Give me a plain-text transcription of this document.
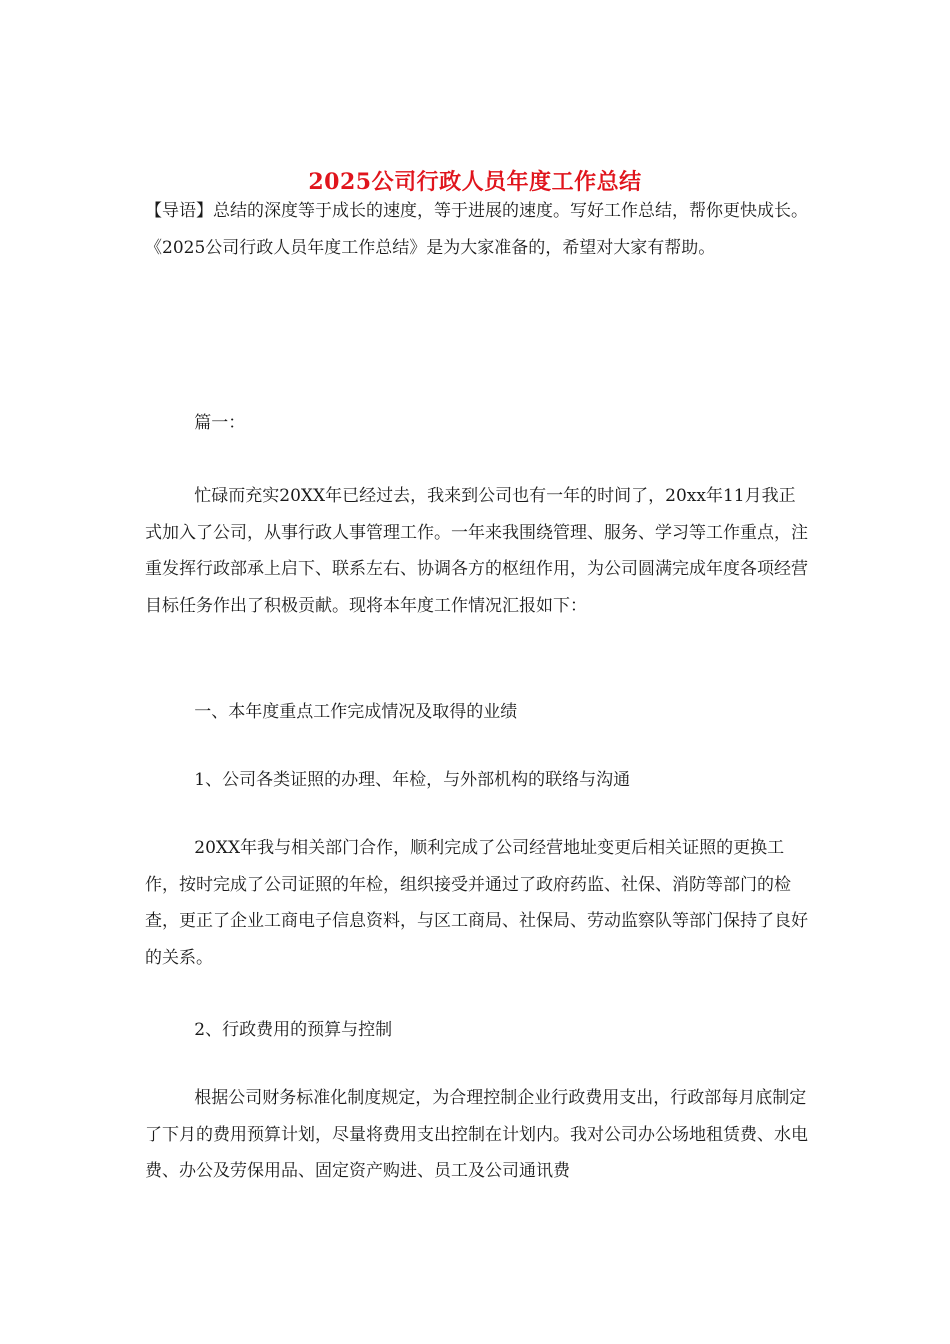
2025公司行政人员年度工作总结

【导语】总结的深度等于成长的速度，等于进展的速度。写好工作总结，帮你更快成长。《2025公司行政人员年度工作总结》是为大家准备的，希望对大家有帮助。

篇一：

忙碌而充实20XX年已经过去，我来到公司也有一年的时间了，20xx年11月我正式加入了公司，从事行政人事管理工作。一年来我围绕管理、服务、学习等工作重点，注重发挥行政部承上启下、联系左右、协调各方的枢纽作用，为公司圆满完成年度各项经营目标任务作出了积极贡献。现将本年度工作情况汇报如下：

一、本年度重点工作完成情况及取得的业绩

1、公司各类证照的办理、年检，与外部机构的联络与沟通

20XX年我与相关部门合作，顺利完成了公司经营地址变更后相关证照的更换工作，按时完成了公司证照的年检，组织接受并通过了政府药监、社保、消防等部门的检查，更正了企业工商电子信息资料，与区工商局、社保局、劳动监察队等部门保持了良好的关系。

2、行政费用的预算与控制

根据公司财务标准化制度规定，为合理控制企业行政费用支出，行政部每月底制定了下月的费用预算计划，尽量将费用支出控制在计划内。我对公司办公场地租赁费、水电费、办公及劳保用品、固定资产购进、员工及公司通讯费
